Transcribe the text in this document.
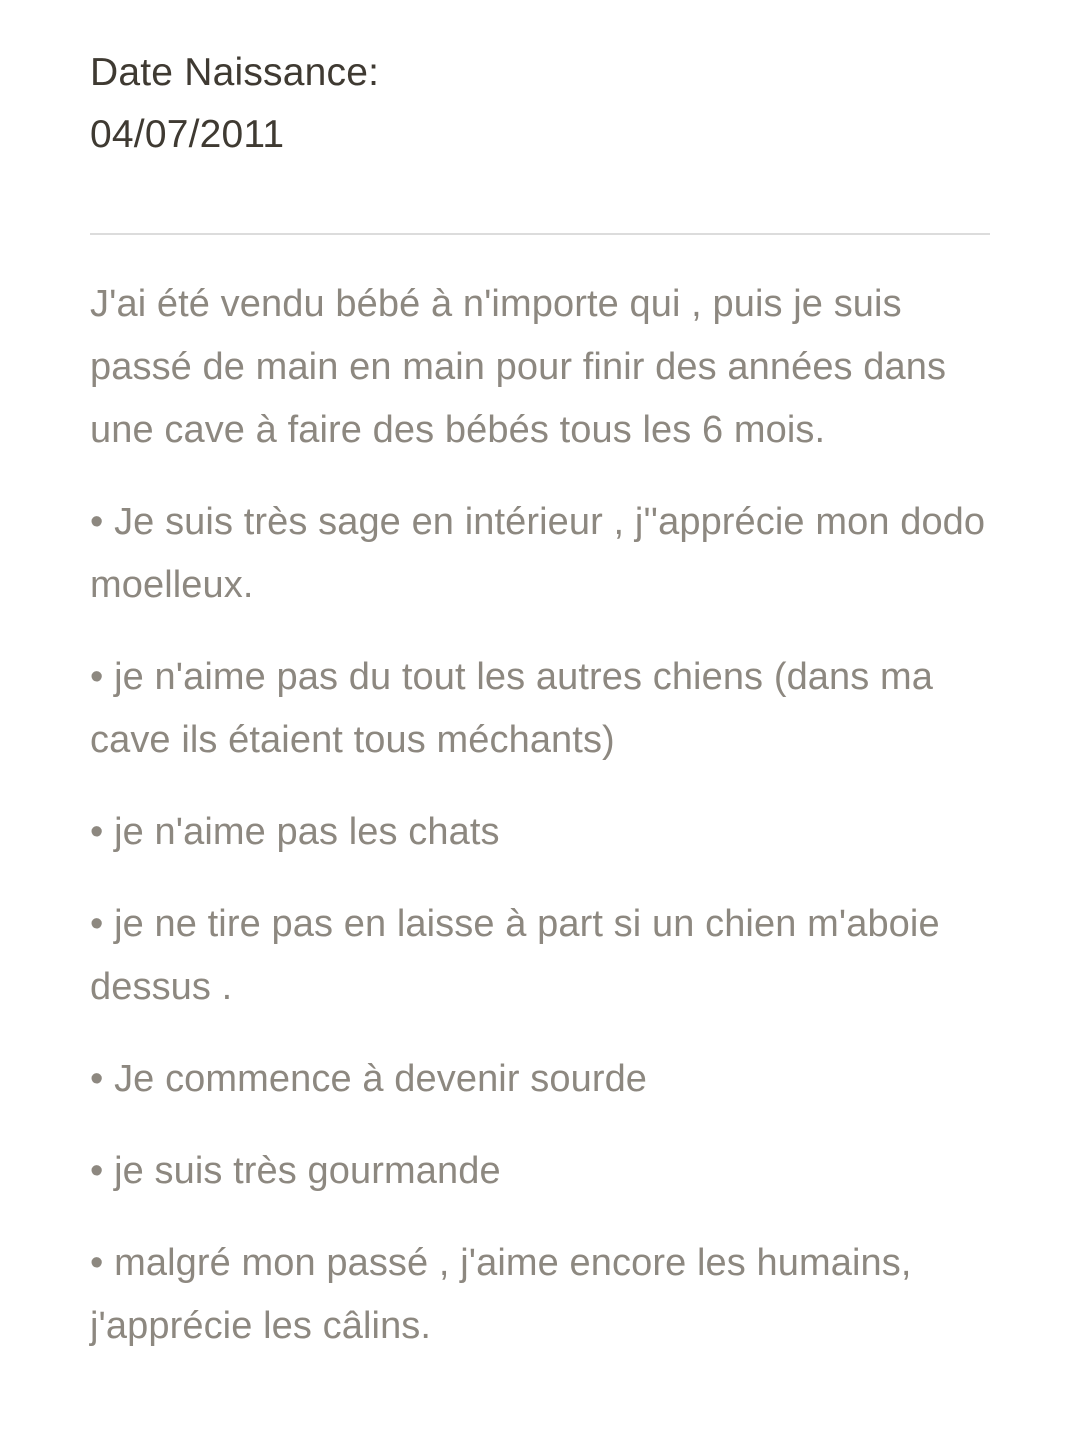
Date Naissance:
04/07/2011

J'ai été vendu bébé à n'importe qui , puis je suis passé de main en main pour finir des années dans une cave à faire des bébés tous les 6 mois.

• Je suis très sage en intérieur , j''apprécie mon dodo moelleux.

• je n'aime pas du tout les autres chiens (dans ma cave ils étaient tous méchants)

• je n'aime pas les chats

• je ne tire pas en laisse à part si un chien m'aboie dessus .

• Je commence à devenir sourde

• je suis très gourmande

• malgré mon passé , j'aime encore les humains, j'apprécie les câlins.
